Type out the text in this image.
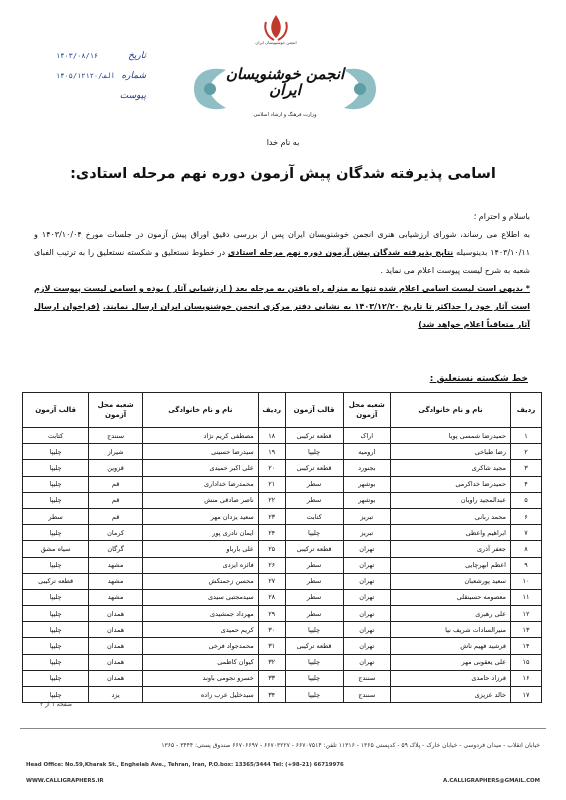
انجمن خوشنویسان ایران
انجمن خوشنویسان ایران
وزارت فرهنگ و ارشاد اسلامی
۱۴۰۳/۰۸/۱۶	تاریخ
۱۴۰۵/۱۲۱۲۰/الف شماره
پیوست
به نام خدا
اسامی پذیرفته شدگان پیش آزمون دوره نهم مرحله استادی:

باسلام و احترام ؛

به اطلاع می رساند، شورای ارزشیابی هنری انجمن خوشنویسان ایران پس از بررسی دقیق اوراق پیش آزمون در جلسات مورخ ۱۴۰۳/۱۰/۰۴ و ۱۴۰۳/۱۰/۱۱ بدینوسیله نتایج پذیرفته شدگان پیش آزمون دوره نهم مرحله استادی در خطوط نستعلیق و شکسته نستعلیق را به ترتیب الفبای شعبه به شرح لیست پیوست اعلام می نماید .

* بدیهی است لیست اسامی اعلام شده تنها به منزله راه یافتن به مرحله بعد ( ارزشیابی آثار ) بوده و اسامی لیست پیوست لازم است آثار خود را حداکثر تا تاریخ ۱۴۰۳/۱۲/۲۰ به نشانی دفتر مرکزی انجمن خوشنویسان ایران ارسال نمایند. (فراخوان ارسال آثار متعاقباً اعلام خواهد شد)

خط شکسته نستعلیق :
ردیف	نام و نام خانوادگی	شعبه محل آزمون	قالب آزمون	ردیف	نام و نام خانوادگی	شعبه محل آزمون	قالب آزمون
۱	حمیدرضا شمسی پویا	اراک	قطعه ترکیبی	۱۸	مصطفی کریم نژاد	سنندج	کتابت
۲	رضا طباخی	ارومیه	چلیپا	۱۹	سیدرضا حسینی	شیراز	چلیپا
۳	مجید شاکری	بجنورد	قطعه ترکیبی	۲۰	علی اکبر حمیدی	قزوین	چلیپا
۴	حمیدرضا خداکرمی	بوشهر	سطر	۲۱	محمدرضا خداداری	قم	چلیپا
۵	عبدالمجید راویان	بوشهر	سطر	۲۲	ناصر صادقی منش	قم	چلیپا
۶	محمد ربانی	تبریز	کتابت	۲۳	سعید یزدان مهر	قم	سطر
۷	ابراهیم واعظی	تبریز	چلیپا	۲۴	ایمان نادری پور	کرمان	چلیپا
۸	جعفر آذری	تهران	قطعه ترکیبی	۲۵	علی بارباو	گرگان	سیاه مشق
۹	اعظم ابهرچایی	تهران	سطر	۲۶	فائزه ایزدی	مشهد	چلیپا
۱۰	سعید پورشعبان	تهران	سطر	۲۷	محسن زحمتکش	مشهد	قطعه ترکیبی
۱۱	معصومه حسینقلی	تهران	سطر	۲۸	سیدمجتبی سیدی	مشهد	چلیپا
۱۲	علی رهبری	تهران	سطر	۲۹	مهرداد جمشیدی	همدان	چلیپا
۱۳	منیرالسادات شریف نیا	تهران	چلیپا	۳۰	کریم حمیدی	همدان	چلیپا
۱۴	فرشید فهیم ناش	تهران	قطعه ترکیبی	۳۱	محمدجواد فرخی	همدان	چلیپا
۱۵	علی یعقوبی مهر	تهران	چلیپا	۳۲	کیوان کاظمی	همدان	چلیپا
۱۶	فرزاد حامدی	سنندج	چلیپا	۳۳	خسرو نجومی باوند	همدان	چلیپا
۱۷	خالد عزیزی	سنندج	چلیپا	۳۴	سیدخلیل عرب زاده	یزد	چلیپا
صفحه ۱ از ۲
خیابان انقلاب - میدان فردوسی - خیابان خارک - پلاک ۵۹ - کدپستی ۱۳۶۵ - ۱۱۳۱۶ تلفن: ۶۶۷۰۷۵۱۴ - ۶۶۷۰۳۲۲۷ - ۶۶۷۰۶۶۹۷ صندوق پستی: ۳۴۴۴ - ۱۳۶۵
Head Office: No.59,Kharak St., Enghelab Ave., Tehran, Iran, P.O.box: 13365/3444 Tel: (+98-21) 66719976
WWW.CALLIGRAPHERS.IR	A.CALLIGRAPHERS@GMAIL.COM
